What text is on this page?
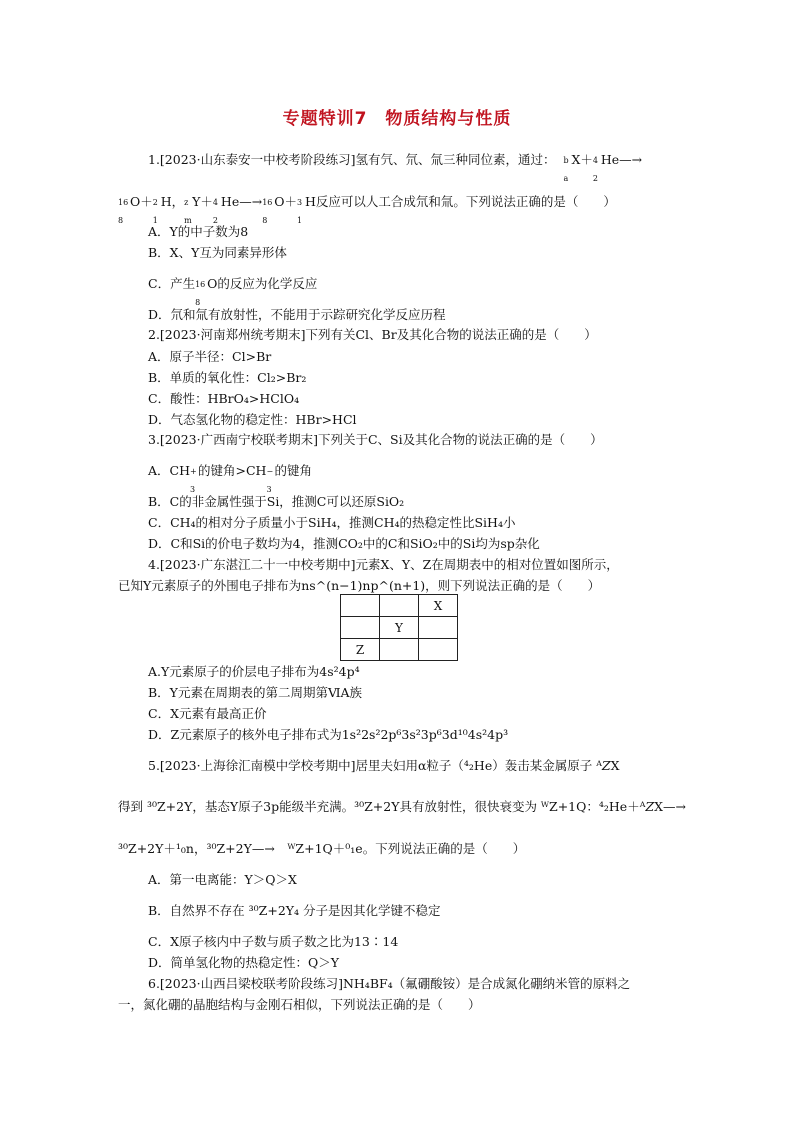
专题特训7　物质结构与性质
1.[2023·山东泰安一中校考阶段练习]氢有氕、氘、氚三种同位素，通过： b
a
X＋ 4
2
He—→
16
8
O＋ 2
1
H， z
m
Y＋ 4
2
He—→ 16
8
O＋ 3
1
H反应可以人工合成氘和氚。下列说法正确的是（　　）
A．Y的中子数为8
B．X、Y互为同素异形体
C．产生 16
8
O的反应为化学反应
D．氘和氚有放射性，不能用于示踪研究化学反应历程
2.[2023·河南郑州统考期末]下列有关Cl、Br及其化合物的说法正确的是（　　）
A．原子半径：Cl>Br
B．单质的氧化性：Cl₂>Br₂
C．酸性：HBrO₄>HClO₄
D．气态氢化物的稳定性：HBr>HCl
3.[2023·广西南宁校联考期末]下列关于C、Si及其化合物的说法正确的是（　　）
A．CH +
3
的键角>CH −
3
的键角
B．C的非金属性强于Si，推测C可以还原SiO₂
C．CH₄的相对分子质量小于SiH₄，推测CH₄的热稳定性比SiH₄小
D．C和Si的价电子数均为4，推测CO₂中的C和SiO₂中的Si均为sp杂化
4.[2023·广东湛江二十一中校考期中]元素X、Y、Z在周期表中的相对位置如图所示，
已知Y元素原子的外围电子排布为ns^(n−1)np^(n+1)，则下列说法正确的是（　　）
		X
	Y	
Z		
A.Y元素原子的价层电子排布为4s²4p⁴
B．Y元素在周期表的第二周期第ⅥA族
C．X元素有最高正价
D．Z元素原子的核外电子排布式为1s²2s²2p⁶3s²3p⁶3d¹⁰4s²4p³
5.[2023·上海徐汇南模中学校考期中]居里夫妇用α粒子（⁴₂He）轰击某金属原子 ᴬ𝑍X
得到 ³⁰Z+2Y，基态Y原子3p能级半充满。³⁰Z+2Y具有放射性，很快衰变为 ᵂZ+1Q：⁴₂He＋ᴬ𝑍X—→
³⁰Z+2Y＋¹₀n，³⁰Z+2Y—→　ᵂZ+1Q＋⁰₁e。下列说法正确的是（　　）
A．第一电离能：Y＞Q＞X
B．自然界不存在 ³⁰Z+2Y₄ 分子是因其化学键不稳定
C．X原子核内中子数与质子数之比为13∶14
D．简单氢化物的热稳定性：Q＞Y
6.[2023·山西吕梁校联考阶段练习]NH₄BF₄（氟硼酸铵）是合成氮化硼纳米管的原料之
一，氮化硼的晶胞结构与金刚石相似，下列说法正确的是（　　）
